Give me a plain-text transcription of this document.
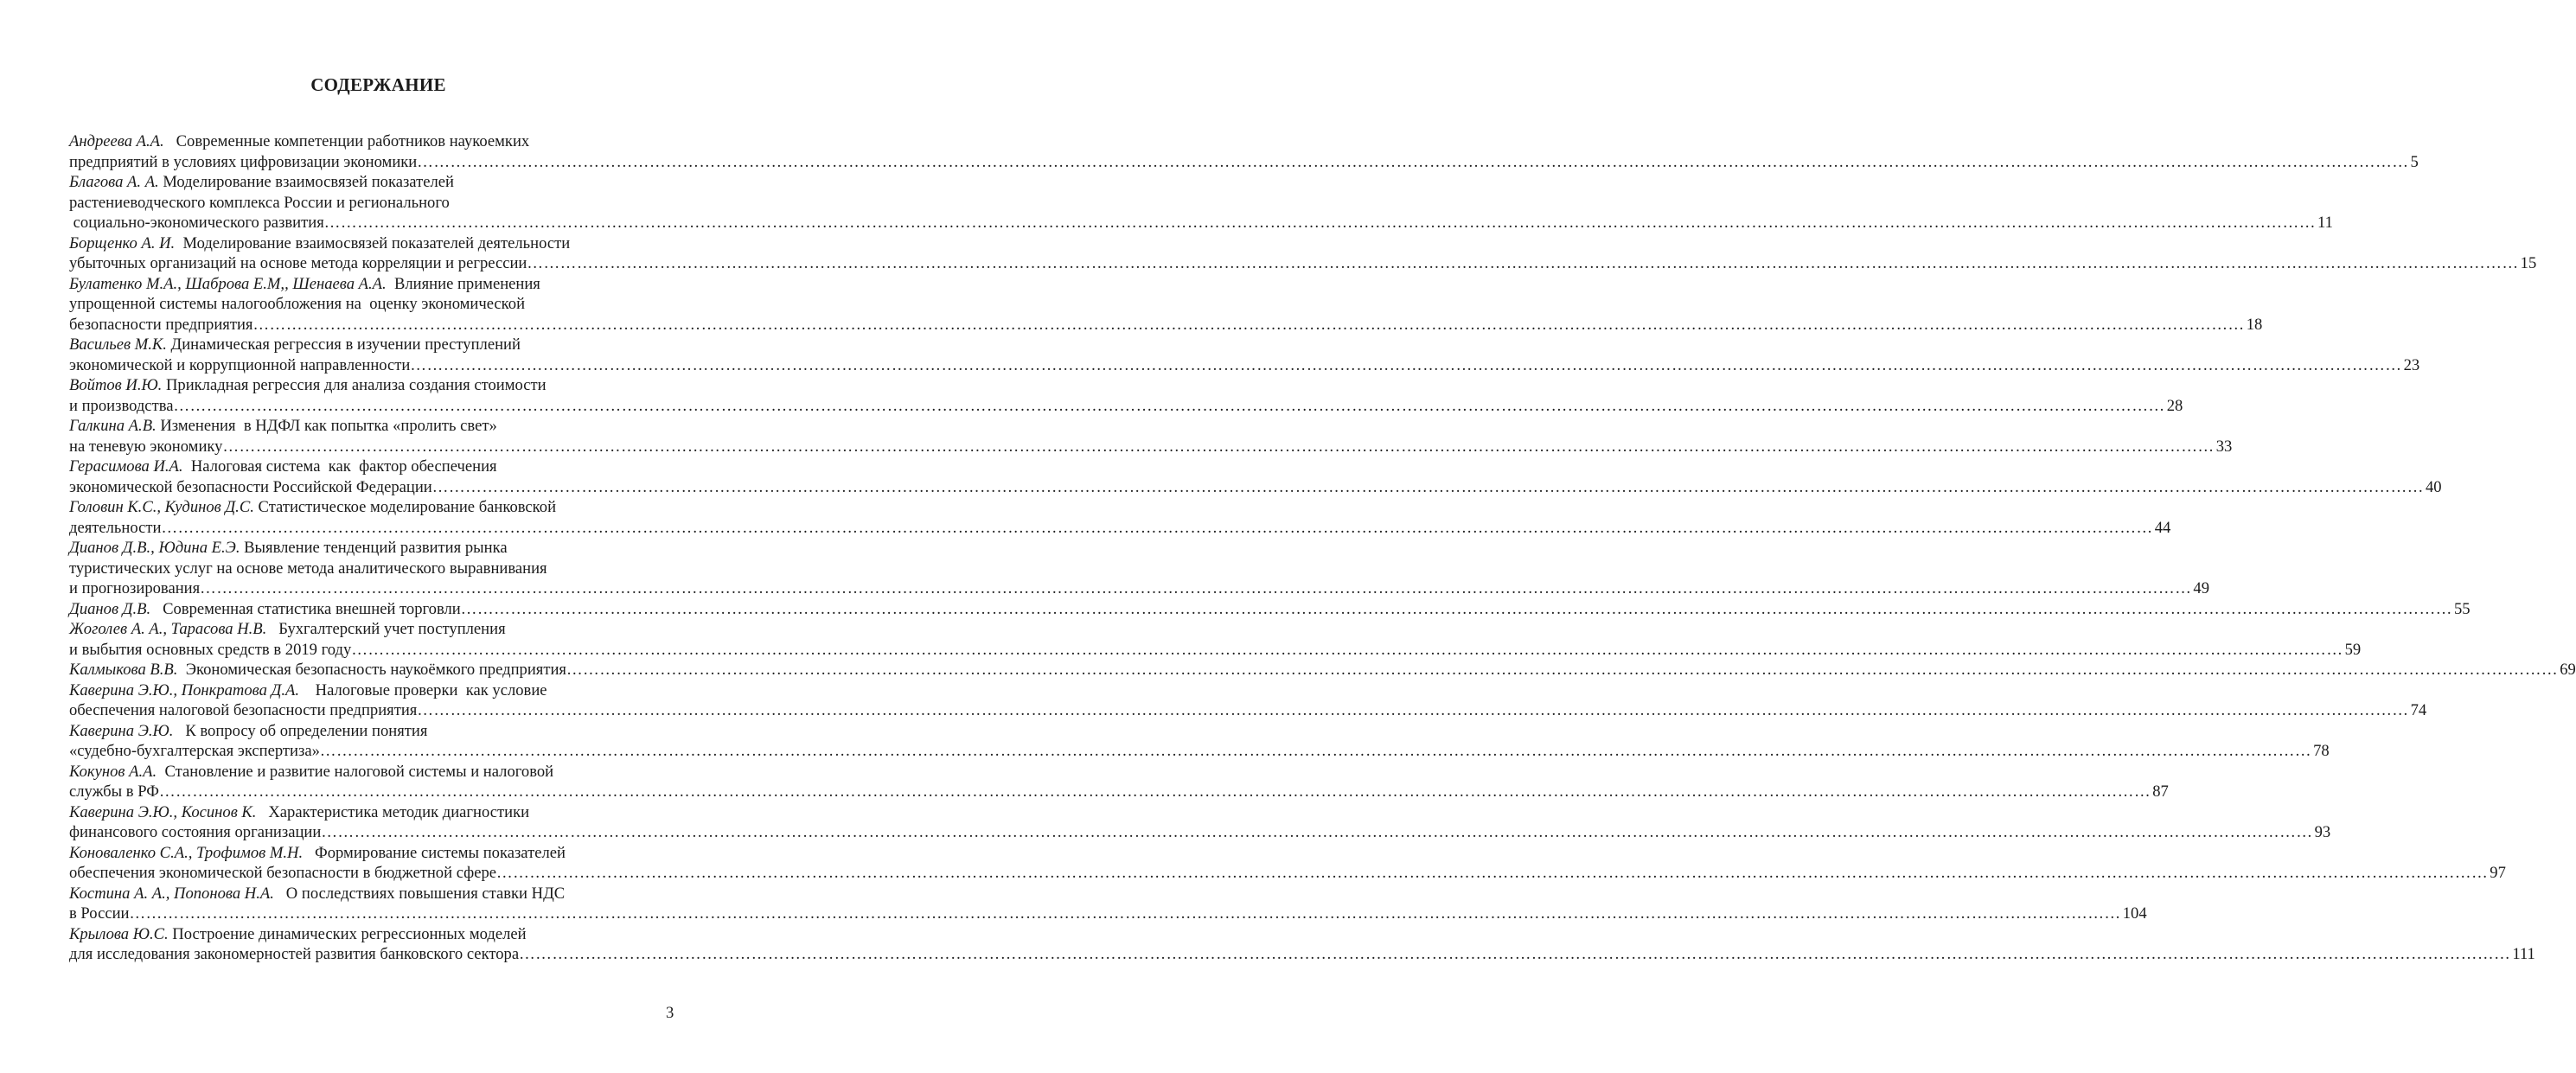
СОДЕРЖАНИЕ
Андреева А.А.   Современные компетенции работников наукоемких
предприятий в условиях цифровизации экономики ……………………………………………………………………………………………………………………………………………………………………………………………………………………………………………………………………………………………………………………………… 5
Благова А. А. Моделирование взаимосвязей показателей
растениеводческого комплекса России и регионального
социально-экономического развития ……………………………………………………………………………………………………………………………………………………………………………………………………………………………………………………………………………………………………………………………… 11
Борщенко А. И.  Моделирование взаимосвязей показателей деятельности
убыточных организаций на основе метода корреляции и регрессии ……………………………………………………………………………………………………………………………………………………………………………………………………………………………………………………………………………………………………………………………… 15
Булатенко М.А., Шаброва Е.М,, Шенаева А.А.  Влияние применения
упрощенной системы налогообложения на  оценку экономической
безопасности предприятия ……………………………………………………………………………………………………………………………………………………………………………………………………………………………………………………………………………………………………………………………… 18
Васильев М.К. Динамическая регрессия в изучении преступлений
экономической и коррупционной направленности ……………………………………………………………………………………………………………………………………………………………………………………………………………………………………………………………………………………………………………………………… 23
Войтов И.Ю. Прикладная регрессия для анализа создания стоимости
и производства ……………………………………………………………………………………………………………………………………………………………………………………………………………………………………………………………………………………………………………………………… 28
Галкина А.В. Изменения  в НДФЛ как попытка «пролить свет»
на теневую экономику ……………………………………………………………………………………………………………………………………………………………………………………………………………………………………………………………………………………………………………………………… 33
Герасимова И.А.  Налоговая система  как  фактор обеспечения
экономической безопасности Российской Федерации ……………………………………………………………………………………………………………………………………………………………………………………………………………………………………………………………………………………………………………………………… 40
Головин К.С., Кудинов Д.С. Статистическое моделирование банковской
деятельности ……………………………………………………………………………………………………………………………………………………………………………………………………………………………………………………………………………………………………………………………… 44
Дианов Д.В., Юдина Е.Э. Выявление тенденций развития рынка
туристических услуг на основе метода аналитического выравнивания
и прогнозирования ……………………………………………………………………………………………………………………………………………………………………………………………………………………………………………………………………………………………………………………………… 49
Дианов Д.В.   Современная статистика внешней торговли ……………………………………………………………………………………………………………………………………………………………………………………………………………………………………………………………………………………………………………………………… 55
Жоголев А. А., Тарасова Н.В.   Бухгалтерский учет поступления
и выбытия основных средств в 2019 году ……………………………………………………………………………………………………………………………………………………………………………………………………………………………………………………………………………………………………………………………… 59
Калмыкова В.В.  Экономическая безопасность наукоёмкого предприятия ……………………………………………………………………………………………………………………………………………………………………………………………………………………………………………………………………………………………………………………………… 69
Каверина Э.Ю., Понкратова Д.А.    Налоговые проверки  как условие
обеспечения налоговой безопасности предприятия ……………………………………………………………………………………………………………………………………………………………………………………………………………………………………………………………………………………………………………………………… 74
Каверина Э.Ю.   К вопросу об определении понятия
«судебно-бухгалтерская экспертиза» ……………………………………………………………………………………………………………………………………………………………………………………………………………………………………………………………………………………………………………………………… 78
Кокунов А.А.  Становление и развитие налоговой системы и налоговой
службы в РФ ……………………………………………………………………………………………………………………………………………………………………………………………………………………………………………………………………………………………………………………………… 87
Каверина Э.Ю., Косинов К.   Характеристика методик диагностики
финансового состояния организации ……………………………………………………………………………………………………………………………………………………………………………………………………………………………………………………………………………………………………………………………… 93
Коноваленко С.А., Трофимов М.Н.   Формирование системы показателей
обеспечения экономической безопасности в бюджетной сфере ……………………………………………………………………………………………………………………………………………………………………………………………………………………………………………………………………………………………………………………………… 97
Костина А. А., Попонова Н.А.   О последствиях повышения ставки НДС
в России ……………………………………………………………………………………………………………………………………………………………………………………………………………………………………………………………………………………………………………………………… 104
Крылова Ю.С. Построение динамических регрессионных моделей
для исследования закономерностей развития банковского сектора ……………………………………………………………………………………………………………………………………………………………………………………………………………………………………………………………………………………………………………………………… 111
3
